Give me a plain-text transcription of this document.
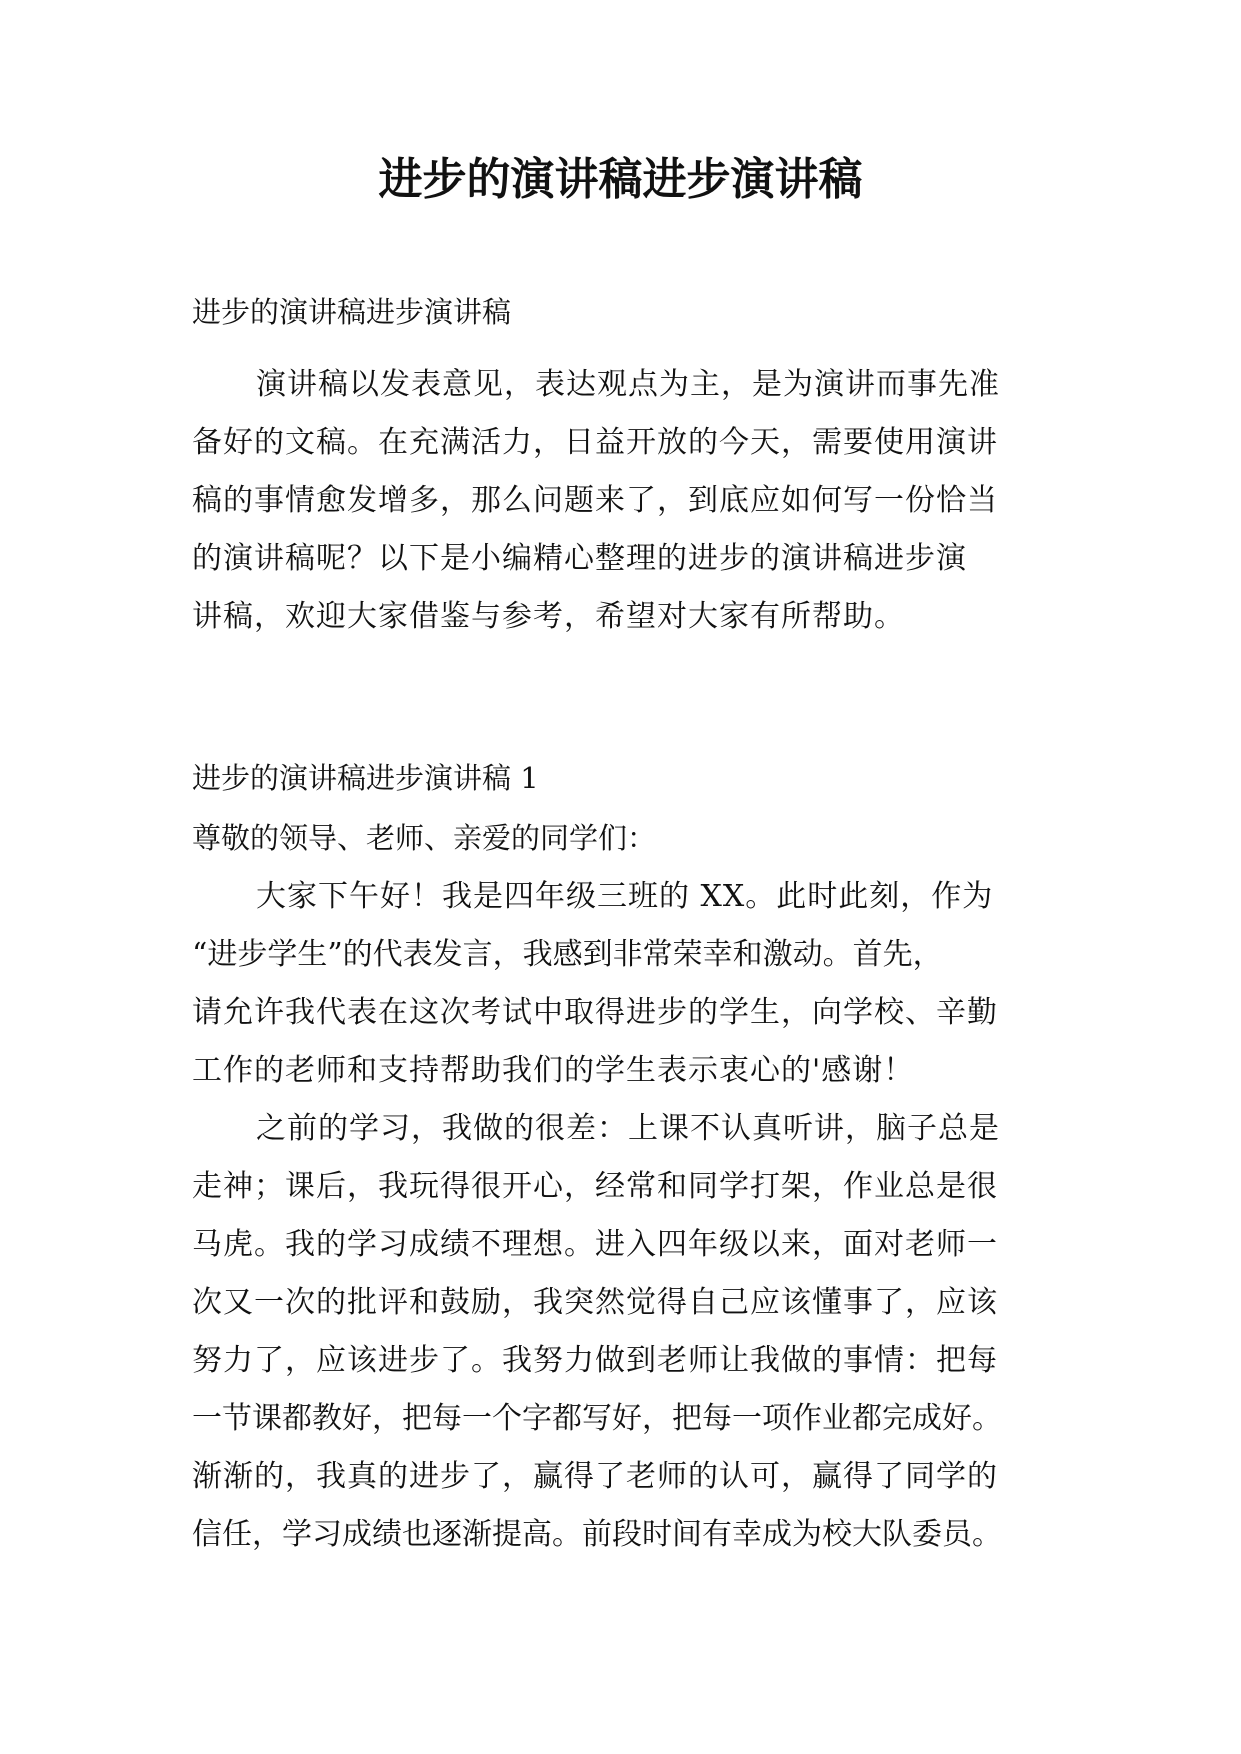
进步的演讲稿进步演讲稿
进步的演讲稿进步演讲稿
演讲稿以发表意见，表达观点为主，是为演讲而事先准
备好的文稿。在充满活力，日益开放的今天，需要使用演讲
稿的事情愈发增多，那么问题来了，到底应如何写一份恰当
的演讲稿呢？以下是小编精心整理的进步的演讲稿进步演
讲稿，欢迎大家借鉴与参考，希望对大家有所帮助。
进步的演讲稿进步演讲稿 1
尊敬的领导、老师、亲爱的同学们：
大家下午好！我是四年级三班的 XX。此时此刻，作为
“进步学生”的代表发言，我感到非常荣幸和激动。首先，
请允许我代表在这次考试中取得进步的学生，向学校、辛勤
工作的老师和支持帮助我们的学生表示衷心的'感谢！
之前的学习，我做的很差：上课不认真听讲，脑子总是
走神；课后，我玩得很开心，经常和同学打架，作业总是很
马虎。我的学习成绩不理想。进入四年级以来，面对老师一
次又一次的批评和鼓励，我突然觉得自己应该懂事了，应该
努力了，应该进步了。我努力做到老师让我做的事情：把每
一节课都教好，把每一个字都写好，把每一项作业都完成好。
渐渐的，我真的进步了，赢得了老师的认可，赢得了同学的
信任，学习成绩也逐渐提高。前段时间有幸成为校大队委员。
